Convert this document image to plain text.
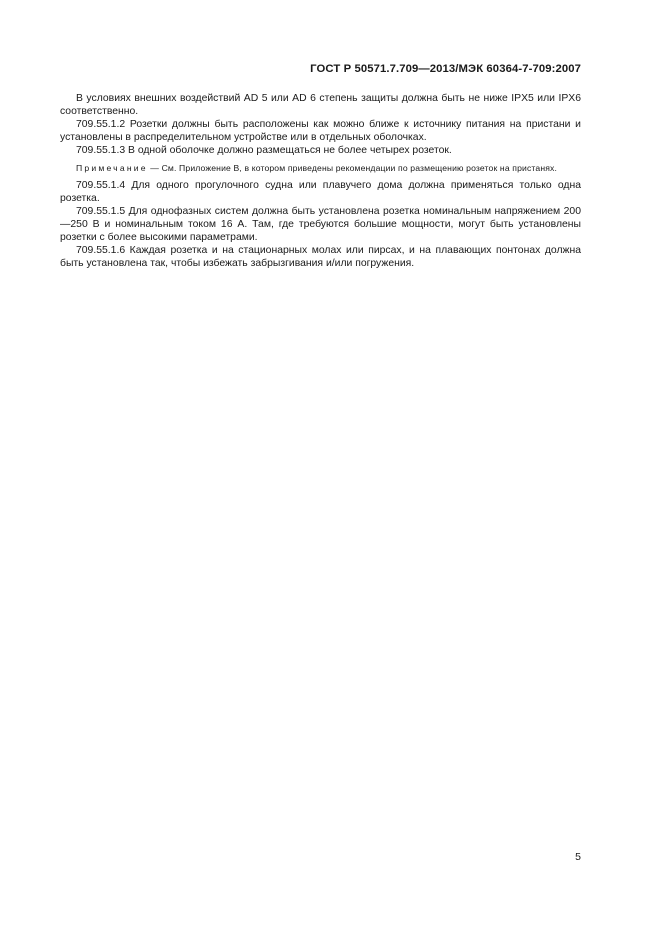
ГОСТ Р 50571.7.709—2013/МЭК 60364-7-709:2007

В условиях внешних воздействий AD 5 или AD 6 степень защиты должна быть не ниже IPX5 или IPX6 соответственно.

709.55.1.2 Розетки должны быть расположены как можно ближе к источнику питания на пристани и установлены в распределительном устройстве или в отдельных оболочках.

709.55.1.3 В одной оболочке должно размещаться не более четырех розеток.

Примечание — См. Приложение В, в котором приведены рекомендации по размещению розеток на пристанях.

709.55.1.4 Для одного прогулочного судна или плавучего дома должна применяться только одна розетка.

709.55.1.5 Для однофазных систем должна быть установлена розетка номинальным напряжением 200—250 В и номинальным током 16 А. Там, где требуются большие мощности, могут быть установлены розетки с более высокими параметрами.

709.55.1.6 Каждая розетка и на стационарных молах или пирсах, и на плавающих понтонах должна быть установлена так, чтобы избежать забрызгивания и/или погружения.

5
